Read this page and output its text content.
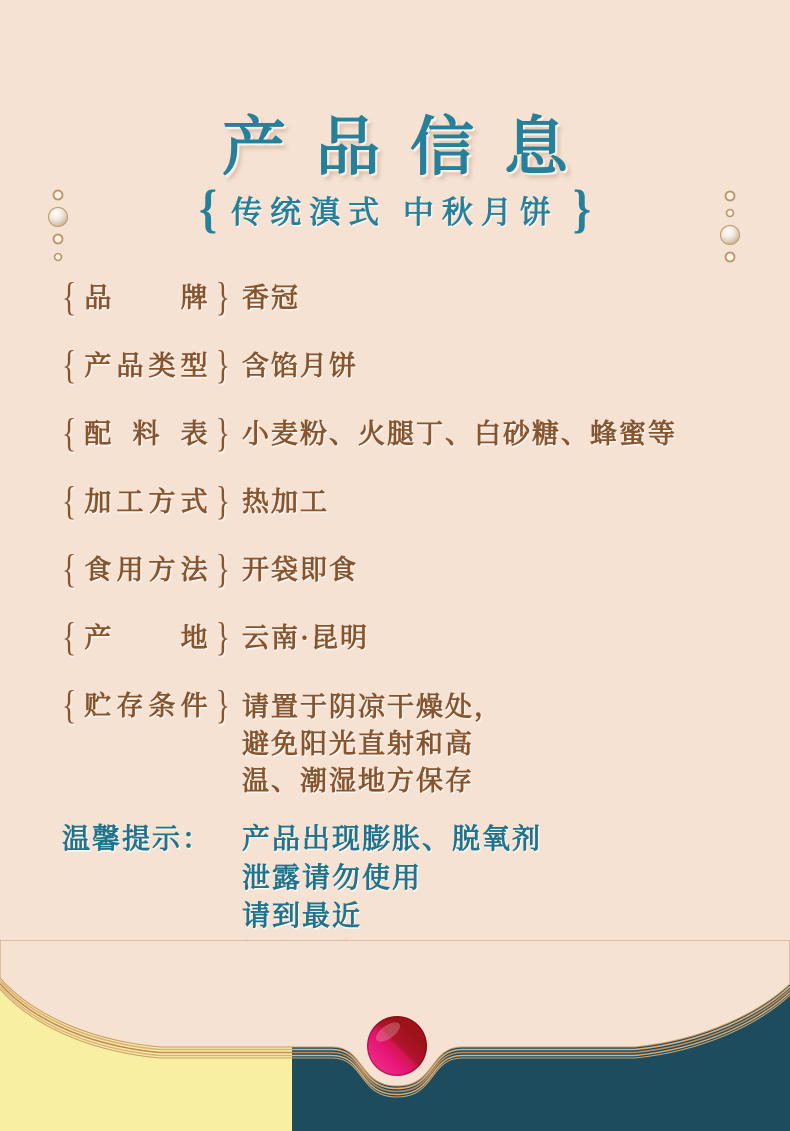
产品信息
{ 传统滇式 中秋月饼 }
{ 品牌 } 香冠
{ 产品类型 } 含馅月饼
{ 配料表 } 小麦粉、火腿丁、白砂糖、蜂蜜等
{ 加工方式 } 热加工
{ 食用方法 } 开袋即食
{ 产地 } 云南·昆明
{ 贮存条件 } 请置于阴凉干燥处，
避免阳光直射和高
温、潮湿地方保存
温馨提示：	产品出现膨胀、脱氧剂
泄露请勿使用
请到最近
